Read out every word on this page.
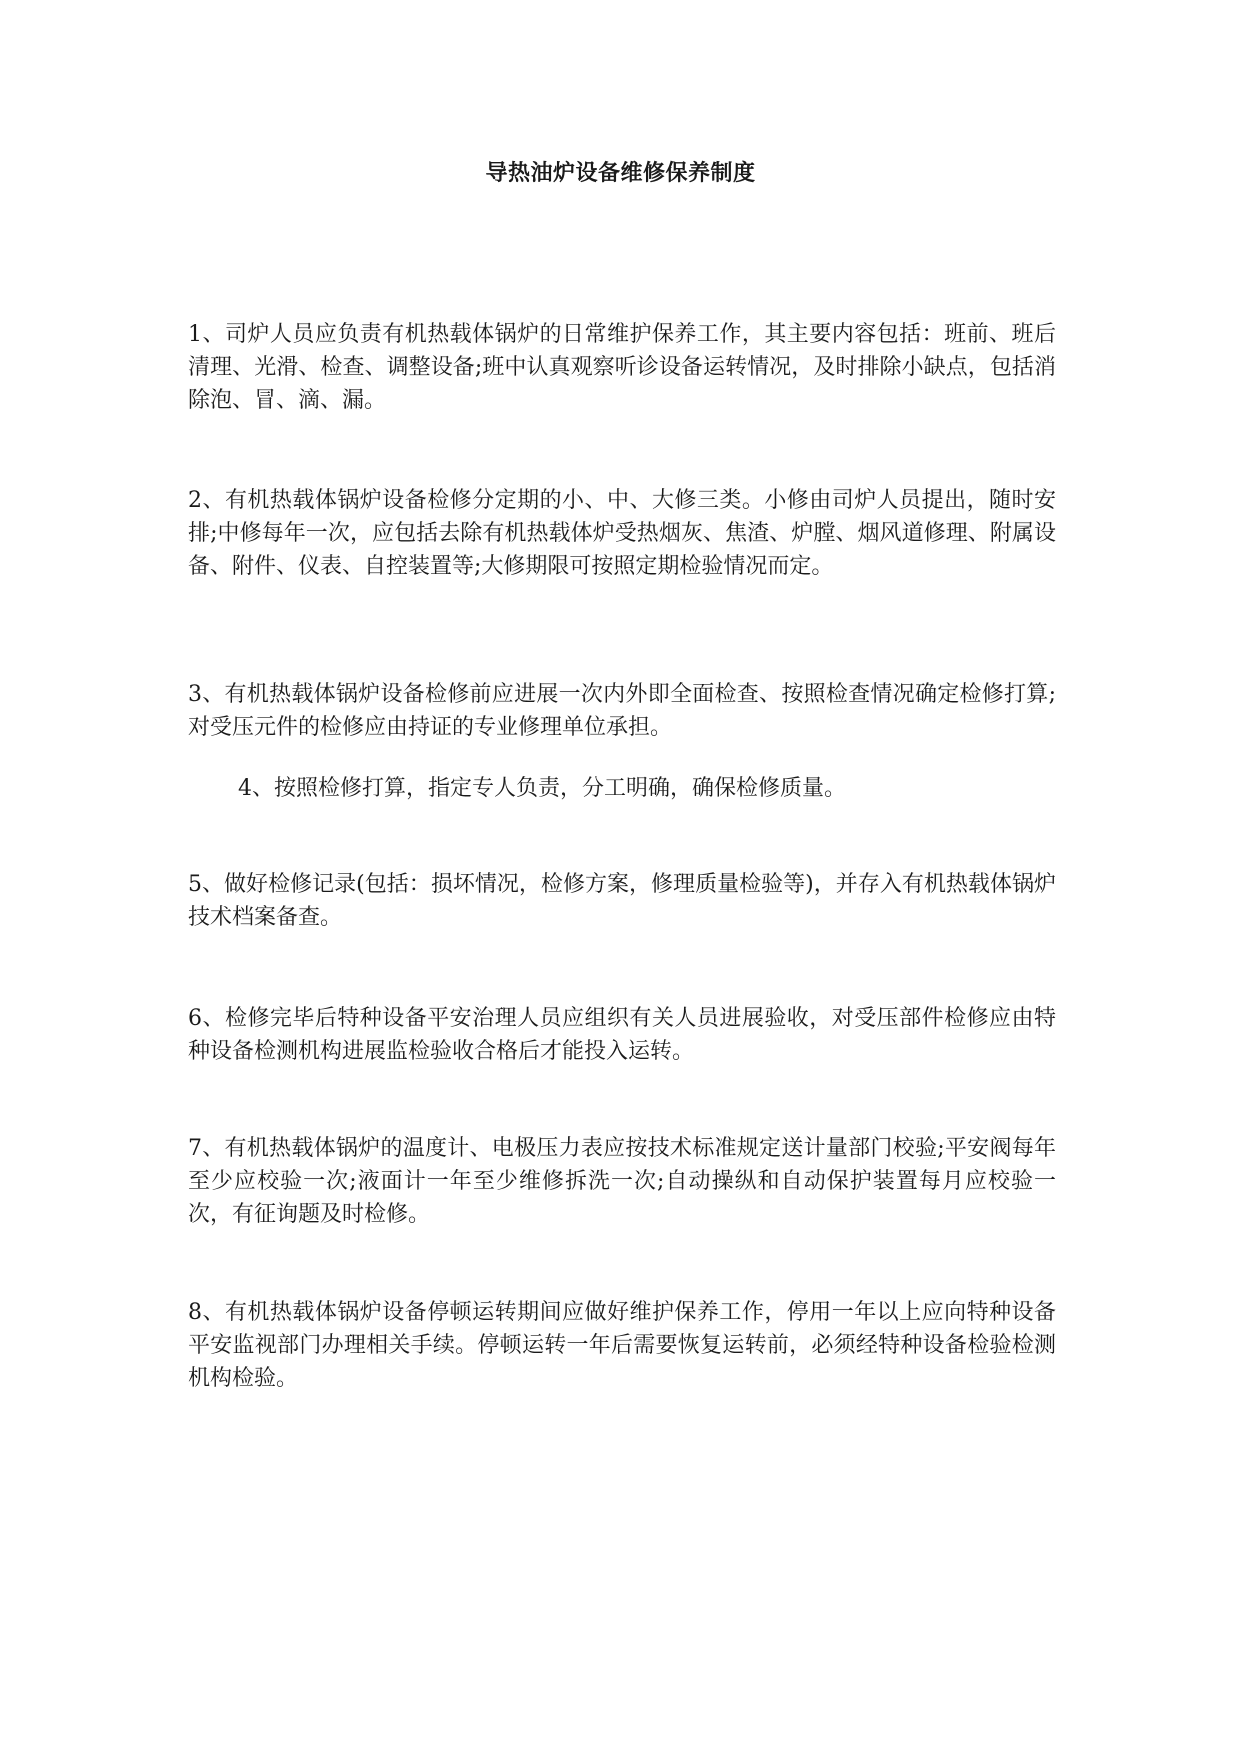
导热油炉设备维修保养制度

1、司炉人员应负责有机热载体锅炉的日常维护保养工作，其主要内容包括：班前、班后清理、光滑、检查、调整设备;班中认真观察听诊设备运转情况，及时排除小缺点，包括消除泡、冒、滴、漏。

2、有机热载体锅炉设备检修分定期的小、中、大修三类。小修由司炉人员提出，随时安排;中修每年一次，应包括去除有机热载体炉受热烟灰、焦渣、炉膛、烟风道修理、附属设备、附件、仪表、自控装置等;大修期限可按照定期检验情况而定。

3、有机热载体锅炉设备检修前应进展一次内外即全面检查、按照检查情况确定检修打算;对受压元件的检修应由持证的专业修理单位承担。

4、按照检修打算，指定专人负责，分工明确，确保检修质量。

5、做好检修记录(包括：损坏情况，检修方案，修理质量检验等)，并存入有机热载体锅炉技术档案备查。

6、检修完毕后特种设备平安治理人员应组织有关人员进展验收，对受压部件检修应由特种设备检测机构进展监检验收合格后才能投入运转。

7、有机热载体锅炉的温度计、电极压力表应按技术标准规定送计量部门校验;平安阀每年至少应校验一次;液面计一年至少维修拆洗一次;自动操纵和自动保护装置每月应校验一次，有征询题及时检修。

8、有机热载体锅炉设备停顿运转期间应做好维护保养工作，停用一年以上应向特种设备平安监视部门办理相关手续。停顿运转一年后需要恢复运转前，必须经特种设备检验检测机构检验。
